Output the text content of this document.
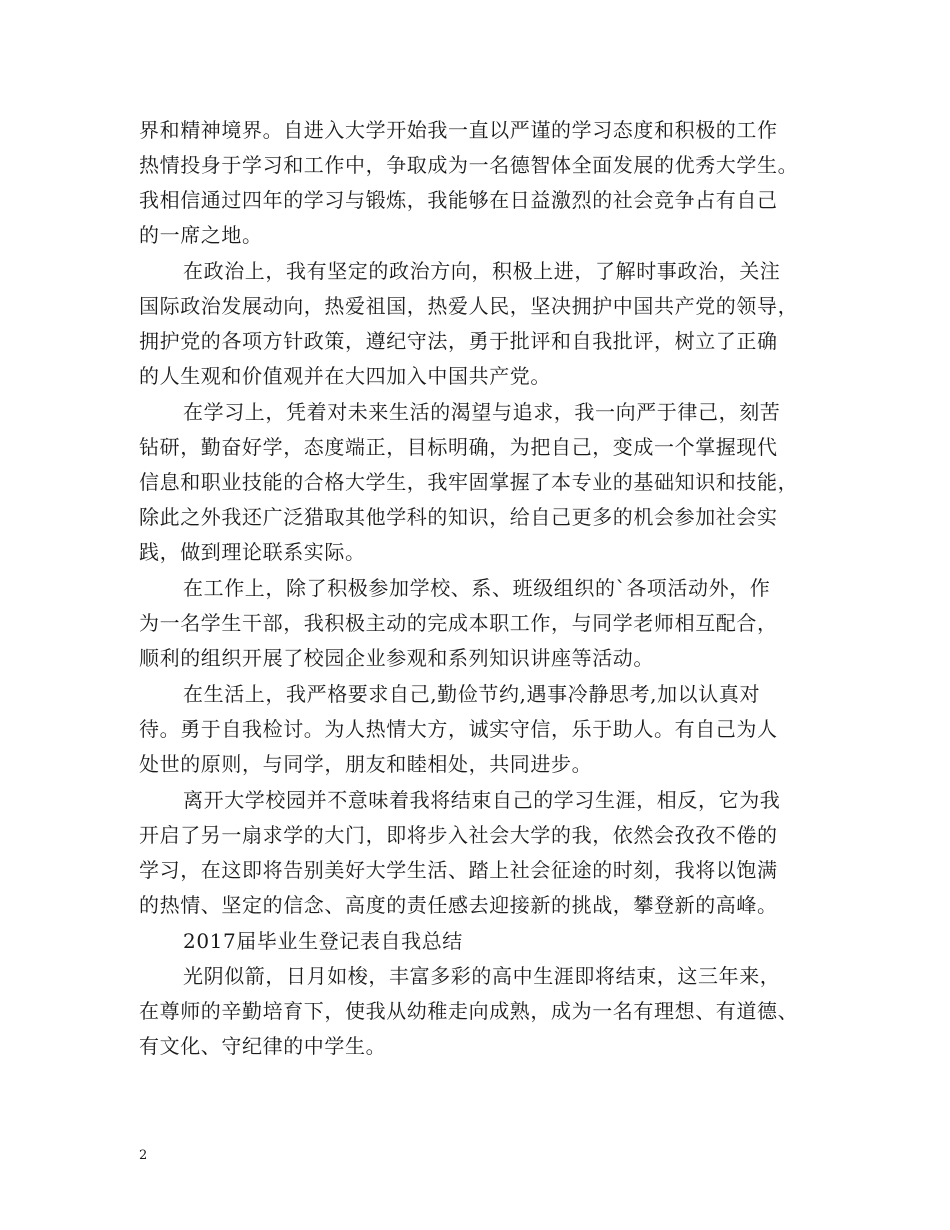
界和精神境界。自进入大学开始我一直以严谨的学习态度和积极的工作
热情投身于学习和工作中，争取成为一名德智体全面发展的优秀大学生。
我相信通过四年的学习与锻炼，我能够在日益激烈的社会竞争占有自己
的一席之地。
在政治上，我有坚定的政治方向，积极上进，了解时事政治，关注
国际政治发展动向，热爱祖国，热爱人民，坚决拥护中国共产党的领导，
拥护党的各项方针政策，遵纪守法，勇于批评和自我批评，树立了正确
的人生观和价值观并在大四加入中国共产党。
在学习上，凭着对未来生活的渴望与追求，我一向严于律己，刻苦
钻研，勤奋好学，态度端正，目标明确，为把自己，变成一个掌握现代
信息和职业技能的合格大学生，我牢固掌握了本专业的基础知识和技能，
除此之外我还广泛猎取其他学科的知识，给自己更多的机会参加社会实
践，做到理论联系实际。
在工作上，除了积极参加学校、系、班级组织的`各项活动外，作
为一名学生干部，我积极主动的完成本职工作，与同学老师相互配合，
顺利的组织开展了校园企业参观和系列知识讲座等活动。
在生活上，我严格要求自己,勤俭节约,遇事冷静思考,加以认真对
待。勇于自我检讨。为人热情大方，诚实守信，乐于助人。有自己为人
处世的原则，与同学，朋友和睦相处，共同进步。
离开大学校园并不意味着我将结束自己的学习生涯，相反，它为我
开启了另一扇求学的大门，即将步入社会大学的我，依然会孜孜不倦的
学习，在这即将告别美好大学生活、踏上社会征途的时刻，我将以饱满
的热情、坚定的信念、高度的责任感去迎接新的挑战，攀登新的高峰。
2017届毕业生登记表自我总结
光阴似箭，日月如梭，丰富多彩的高中生涯即将结束，这三年来，
在尊师的辛勤培育下，使我从幼稚走向成熟，成为一名有理想、有道德、
有文化、守纪律的中学生。
2
